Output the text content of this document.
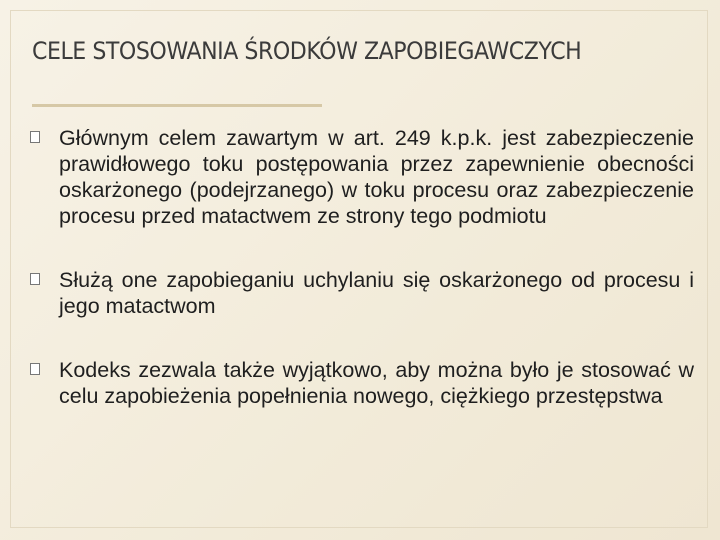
CELE STOSOWANIA ŚRODKÓW ZAPOBIEGAWCZYCH
Głównym celem zawartym w art. 249 k.p.k. jest zabezpieczenie prawidłowego toku postępowania przez zapewnienie obecności oskarżonego (podejrzanego) w toku procesu oraz zabezpieczenie procesu przed matactwem ze strony tego podmiotu
Służą one zapobieganiu uchylaniu się oskarżonego od procesu i jego matactwom
Kodeks zezwala także wyjątkowo, aby można było je stosować w celu zapobieżenia popełnienia nowego, ciężkiego przestępstwa
